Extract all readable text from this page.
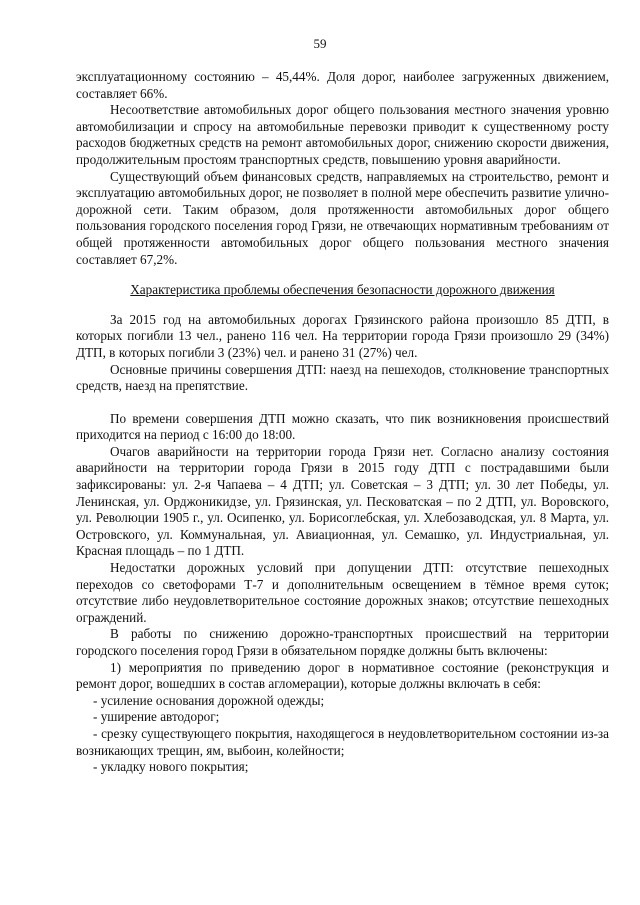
59

эксплуатационному состоянию – 45,44%. Доля дорог, наиболее загруженных движением, составляет 66%.

Несоответствие автомобильных дорог общего пользования местного значения уровню автомобилизации и спросу на автомобильные перевозки приводит к существенному росту расходов бюджетных средств на ремонт автомобильных дорог, снижению скорости движения, продолжительным простоям транспортных средств, повышению уровня аварийности.

Существующий объем финансовых средств, направляемых на строительство, ремонт и эксплуатацию автомобильных дорог, не позволяет в полной мере обеспечить развитие улично-дорожной сети. Таким образом, доля протяженности автомобильных дорог общего пользования городского поселения город Грязи, не отвечающих нормативным требованиям от общей протяженности автомобильных дорог общего пользования местного значения составляет 67,2%.

Характеристика проблемы обеспечения безопасности дорожного движения

За 2015 год на автомобильных дорогах Грязинского района произошло 85 ДТП, в которых погибли 13 чел., ранено 116 чел. На территории города Грязи произошло 29 (34%) ДТП, в которых погибли 3 (23%) чел. и ранено 31 (27%) чел.

Основные причины совершения ДТП: наезд на пешеходов, столкновение транспортных средств, наезд на препятствие.

По времени совершения ДТП можно сказать, что пик возникновения происшествий приходится на период с 16:00 до 18:00.

Очагов аварийности на территории города Грязи нет. Согласно анализу состояния аварийности на территории города Грязи в 2015 году ДТП с пострадавшими были зафиксированы: ул. 2-я Чапаева – 4 ДТП; ул. Советская – 3 ДТП; ул. 30 лет Победы, ул. Ленинская, ул. Орджоникидзе, ул. Грязинская, ул. Песковатская – по 2 ДТП, ул. Воровского, ул. Революции 1905 г., ул. Осипенко, ул. Борисоглебская, ул. Хлебозаводская, ул. 8 Марта, ул. Островского, ул. Коммунальная, ул. Авиационная, ул. Семашко, ул. Индустриальная, ул. Красная площадь – по 1 ДТП.

Недостатки дорожных условий при допущении ДТП: отсутствие пешеходных переходов со светофорами Т-7 и дополнительным освещением в тёмное время суток; отсутствие либо неудовлетворительное состояние дорожных знаков; отсутствие пешеходных ограждений.

В работы по снижению дорожно-транспортных происшествий на территории городского поселения город Грязи в обязательном порядке должны быть включены:

1) мероприятия по приведению дорог в нормативное состояние (реконструкция и ремонт дорог, вошедших в состав агломерации), которые должны включать в себя:

- усиление основания дорожной одежды;

- уширение автодорог;

- срезку существующего покрытия, находящегося в неудовлетворительном состоянии из-за возникающих трещин, ям, выбоин, колейности;

- укладку нового покрытия;
